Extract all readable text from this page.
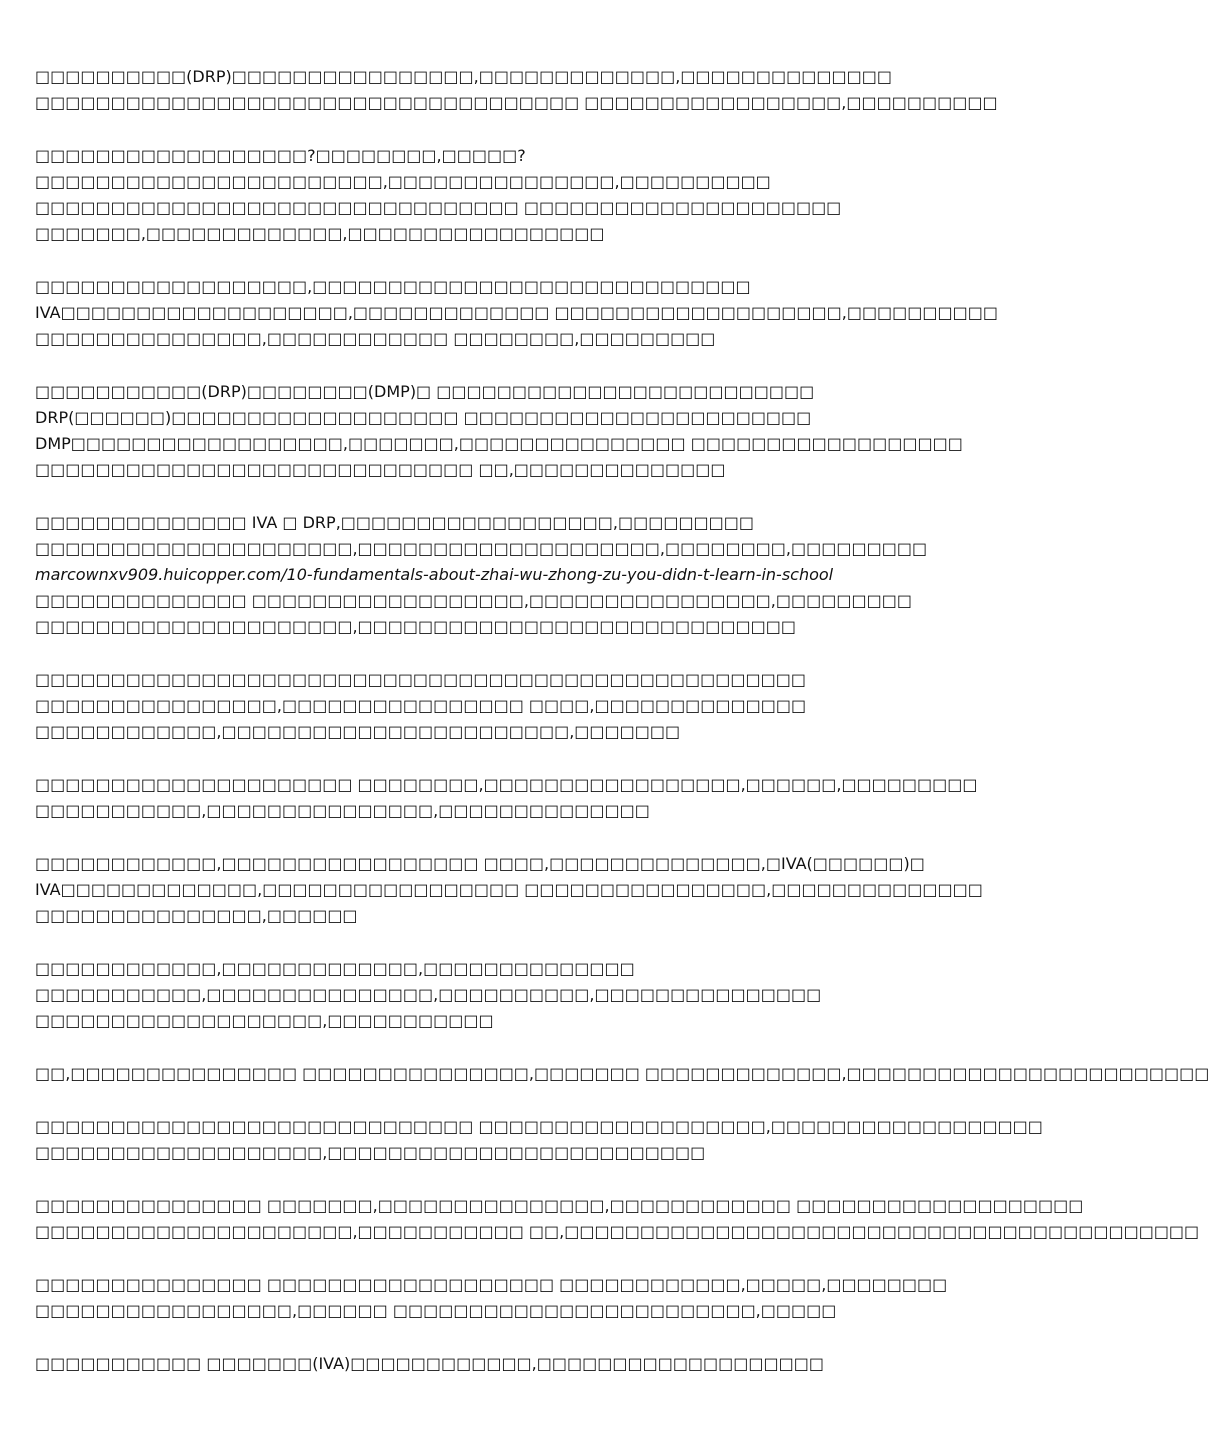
□□□□□□□□□□(DRP)□□□□□□□□□□□□□□□□,□□□□□□□□□□□□□,□□□□□□□□□□□□□□
□□□□□□□□□□□□□□□□□□□□□□□□□□□□□□□□□□□□ □□□□□□□□□□□□□□□□□,□□□□□□□□□□
□□□□□□□□□□□□□□□□□□?□□□□□□□□,□□□□□?
□□□□□□□□□□□□□□□□□□□□□□□,□□□□□□□□□□□□□□□,□□□□□□□□□□
□□□□□□□□□□□□□□□□□□□□□□□□□□□□□□□□ □□□□□□□□□□□□□□□□□□□□□
□□□□□□□,□□□□□□□□□□□□□,□□□□□□□□□□□□□□□□□
□□□□□□□□□□□□□□□□□□,□□□□□□□□□□□□□□□□□□□□□□□□□□□□□
IVA□□□□□□□□□□□□□□□□□□□,□□□□□□□□□□□□□ □□□□□□□□□□□□□□□□□□□,□□□□□□□□□□
□□□□□□□□□□□□□□□,□□□□□□□□□□□□ □□□□□□□□,□□□□□□□□□
□□□□□□□□□□□(DRP)□□□□□□□□(DMP)□ □□□□□□□□□□□□□□□□□□□□□□□□□
DRP(□□□□□□)□□□□□□□□□□□□□□□□□□□ □□□□□□□□□□□□□□□□□□□□□□□
DMP□□□□□□□□□□□□□□□□□□,□□□□□□□,□□□□□□□□□□□□□□□ □□□□□□□□□□□□□□□□□□
□□□□□□□□□□□□□□□□□□□□□□□□□□□□□ □□,□□□□□□□□□□□□□□
□□□□□□□□□□□□□□ IVA □ DRP,□□□□□□□□□□□□□□□□□□,□□□□□□□□□
□□□□□□□□□□□□□□□□□□□□□,□□□□□□□□□□□□□□□□□□□□,□□□□□□□□,□□□□□□□□□
marcownxv909.huicopper.com/10-fundamentals-about-zhai-wu-zhong-zu-you-didn-t-learn-in-school
□□□□□□□□□□□□□□ □□□□□□□□□□□□□□□□□□,□□□□□□□□□□□□□□□□,□□□□□□□□□
□□□□□□□□□□□□□□□□□□□□□,□□□□□□□□□□□□□□□□□□□□□□□□□□□□□
□□□□□□□□□□□□□□□□□□□□□□□□□□□□□□□□□□□□□□□□□□□□□□□□□□□
□□□□□□□□□□□□□□□□,□□□□□□□□□□□□□□□□ □□□□,□□□□□□□□□□□□□□
□□□□□□□□□□□□,□□□□□□□□□□□□□□□□□□□□□□□,□□□□□□□
□□□□□□□□□□□□□□□□□□□□□ □□□□□□□□,□□□□□□□□□□□□□□□□□,□□□□□□,□□□□□□□□□
□□□□□□□□□□□,□□□□□□□□□□□□□□□,□□□□□□□□□□□□□□
□□□□□□□□□□□□,□□□□□□□□□□□□□□□□□ □□□□,□□□□□□□□□□□□□□,□IVA(□□□□□□)□
IVA□□□□□□□□□□□□□,□□□□□□□□□□□□□□□□□ □□□□□□□□□□□□□□□□,□□□□□□□□□□□□□□
□□□□□□□□□□□□□□□,□□□□□□
□□□□□□□□□□□□,□□□□□□□□□□□□□,□□□□□□□□□□□□□□
□□□□□□□□□□□,□□□□□□□□□□□□□□□,□□□□□□□□□□,□□□□□□□□□□□□□□□
□□□□□□□□□□□□□□□□□□□,□□□□□□□□□□□
□□,□□□□□□□□□□□□□□□ □□□□□□□□□□□□□□□,□□□□□□□ □□□□□□□□□□□□□,□□□□□□□□□□□□□□□□□□□□□□□□
□□□□□□□□□□□□□□□□□□□□□□□□□□□□□ □□□□□□□□□□□□□□□□□□□,□□□□□□□□□□□□□□□□□□
□□□□□□□□□□□□□□□□□□□,□□□□□□□□□□□□□□□□□□□□□□□□□
□□□□□□□□□□□□□□□ □□□□□□□,□□□□□□□□□□□□□□□,□□□□□□□□□□□□ □□□□□□□□□□□□□□□□□□□
□□□□□□□□□□□□□□□□□□□□□,□□□□□□□□□□□ □□,□□□□□□□□□□□□□□□□□□□□□□□□□□□□□□□□□□□□□□□□□□
□□□□□□□□□□□□□□□ □□□□□□□□□□□□□□□□□□□ □□□□□□□□□□□□,□□□□□,□□□□□□□□
□□□□□□□□□□□□□□□□□,□□□□□□ □□□□□□□□□□□□□□□□□□□□□□□□,□□□□□
□□□□□□□□□□□ □□□□□□□(IVA)□□□□□□□□□□□□,□□□□□□□□□□□□□□□□□□□
